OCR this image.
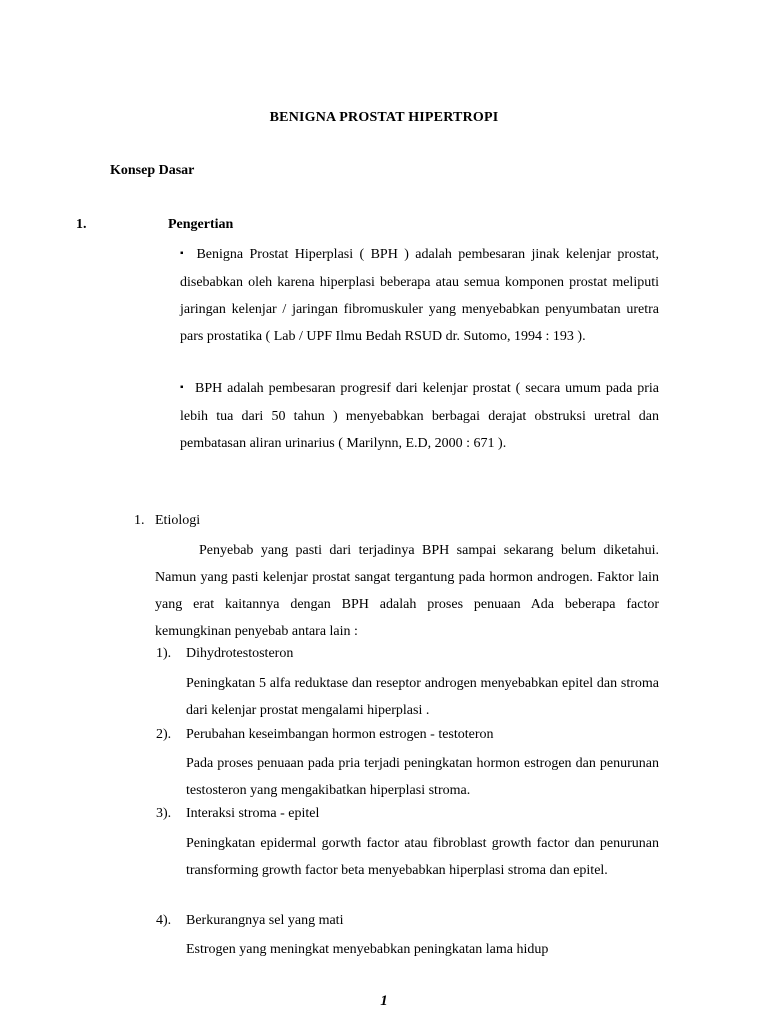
BENIGNA PROSTAT HIPERTROPI
Konsep Dasar
1.	Pengertian

▪ Benigna Prostat Hiperplasi ( BPH ) adalah pembesaran jinak kelenjar prostat, disebabkan oleh karena hiperplasi beberapa atau semua komponen prostat meliputi jaringan kelenjar / jaringan fibromuskuler yang menyebabkan penyumbatan uretra pars prostatika ( Lab / UPF Ilmu Bedah RSUD dr. Sutomo, 1994 : 193 ).

▪ BPH adalah pembesaran progresif dari kelenjar prostat ( secara umum pada pria lebih tua dari 50 tahun ) menyebabkan berbagai derajat obstruksi uretral dan pembatasan aliran urinarius ( Marilynn, E.D, 2000 : 671 ).

1. Etiologi

Penyebab yang pasti dari terjadinya BPH sampai sekarang belum diketahui. Namun yang pasti kelenjar prostat sangat tergantung pada hormon androgen. Faktor lain yang erat kaitannya dengan BPH adalah proses penuaan Ada beberapa factor kemungkinan penyebab antara lain :

1). Dihydrotestosteron

Peningkatan 5 alfa reduktase dan reseptor androgen menyebabkan epitel dan stroma dari kelenjar prostat mengalami hiperplasi .

2). Perubahan keseimbangan hormon estrogen - testoteron

Pada proses penuaan pada pria terjadi peningkatan hormon estrogen dan penurunan testosteron yang mengakibatkan hiperplasi stroma.

3). Interaksi stroma - epitel

Peningkatan epidermal gorwth factor atau fibroblast growth factor dan penurunan transforming growth factor beta menyebabkan hiperplasi stroma dan epitel.

4). Berkurangnya sel yang mati

Estrogen yang meningkat menyebabkan peningkatan lama hidup

1
